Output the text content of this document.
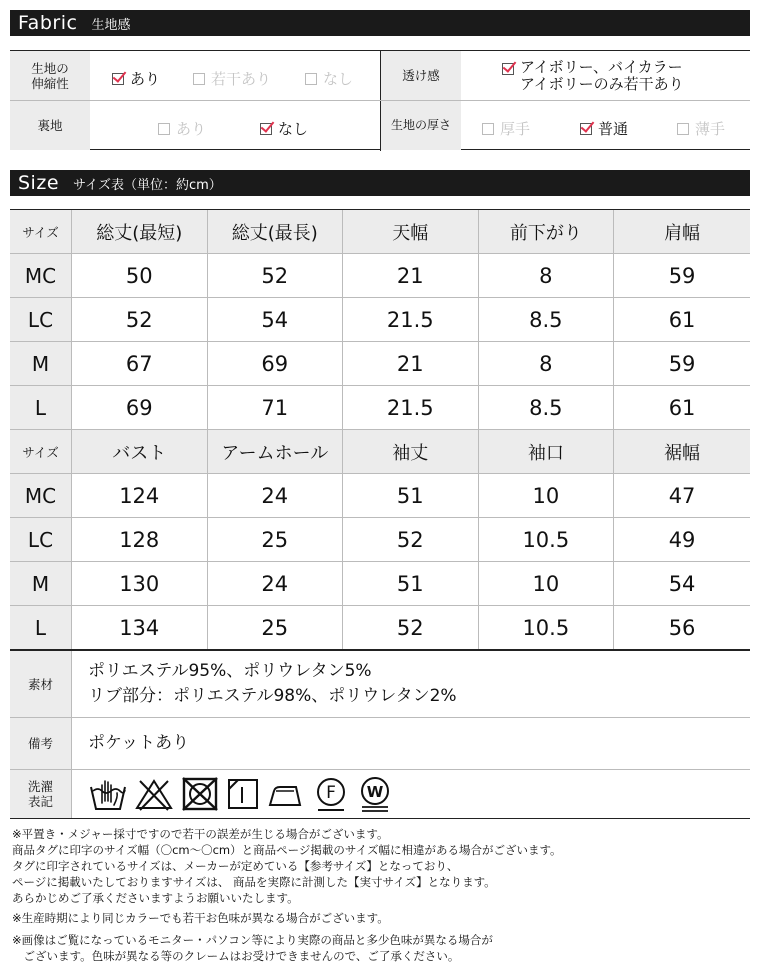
Fabric 生地感
生地の
伸縮性	あり	若干あり	なし	透け感	アイボリー、バイカラー
アイボリーのみ若干あり
裏地	あり	なし	生地の厚さ	厚手	普通	薄手
Size サイズ表（単位：約cm）
サイズ	総丈(最短)	総丈(最長)	天幅	前下がり	肩幅
MC	50	52	21	8	59
LC	52	54	21.5	8.5	61
M	67	69	21	8	59
L	69	71	21.5	8.5	61
サイズ	バスト	アームホール	袖丈	袖口	裾幅
MC	124	24	51	10	47
LC	128	25	52	10.5	49
M	130	24	51	10	54
L	134	25	52	10.5	56
素材
ポリエステル95%、ポリウレタン5%
リブ部分：ポリエステル98%、ポリウレタン2%
備考	ポケットあり
洗濯
表記	F W
※平置き・メジャー採寸ですので若干の誤差が生じる場合がございます。
商品タグに印字のサイズ幅（〇cm〜〇cm）と商品ページ掲載のサイズ幅に相違がある場合がございます。
タグに印字されているサイズは、メーカーが定めている【参考サイズ】となっており、
ページに掲載いたしておりますサイズは、 商品を実際に計測した【実寸サイズ】となります。
あらかじめご了承くださいますようお願いいたします。
※生産時期により同じカラーでも若干お色味が異なる場合がございます。
※画像はご覧になっているモニター・パソコン等により実際の商品と多少色味が異なる場合が
　ございます。色味が異なる等のクレームはお受けできませんので、ご了承ください。
